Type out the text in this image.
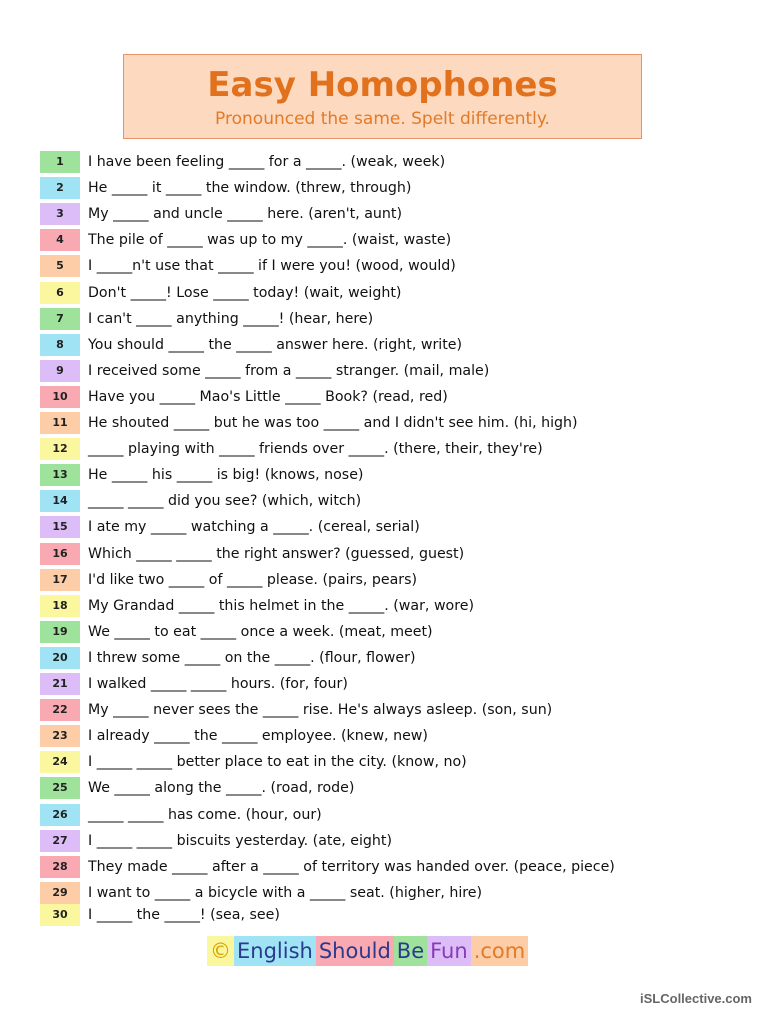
Easy Homophones
Pronounced the same. Spelt differently.
1	I have been feeling _____ for a _____. (weak, week)
2	He _____ it _____ the window. (threw, through)
3	My _____ and uncle _____ here. (aren't, aunt)
4	The pile of _____ was up to my _____. (waist, waste)
5	I _____n't use that _____ if I were you! (wood, would)
6	Don't _____! Lose _____ today! (wait, weight)
7	I can't _____ anything _____! (hear, here)
8	You should _____ the _____ answer here. (right, write)
9	I received some _____ from a _____ stranger. (mail, male)
10	Have you _____ Mao's Little _____ Book? (read, red)
11	He shouted _____ but he was too _____ and I didn't see him. (hi, high)
12	_____ playing with _____ friends over _____. (there, their, they're)
13	He _____ his _____ is big! (knows, nose)
14	_____ _____ did you see? (which, witch)
15	I ate my _____ watching a _____. (cereal, serial)
16	Which _____ _____ the right answer? (guessed, guest)
17	I'd like two _____ of _____ please. (pairs, pears)
18	My Grandad _____ this helmet in the _____. (war, wore)
19	We _____ to eat _____ once a week. (meat, meet)
20	I threw some _____ on the _____. (flour, flower)
21	I walked _____ _____ hours. (for, four)
22	My _____ never sees the _____ rise. He's always asleep. (son, sun)
23	I already _____ the _____ employee. (knew, new)
24	I _____ _____ better place to eat in the city. (know, no)
25	We _____ along the _____. (road, rode)
26	_____ _____ has come. (hour, our)
27	I _____ _____ biscuits yesterday. (ate, eight)
28	They made _____ after a _____ of territory was handed over. (peace, piece)
29	I want to _____ a bicycle with a _____ seat. (higher, hire)
30	I _____ the _____! (sea, see)
© English Should Be Fun .com
iSLCollective.com
